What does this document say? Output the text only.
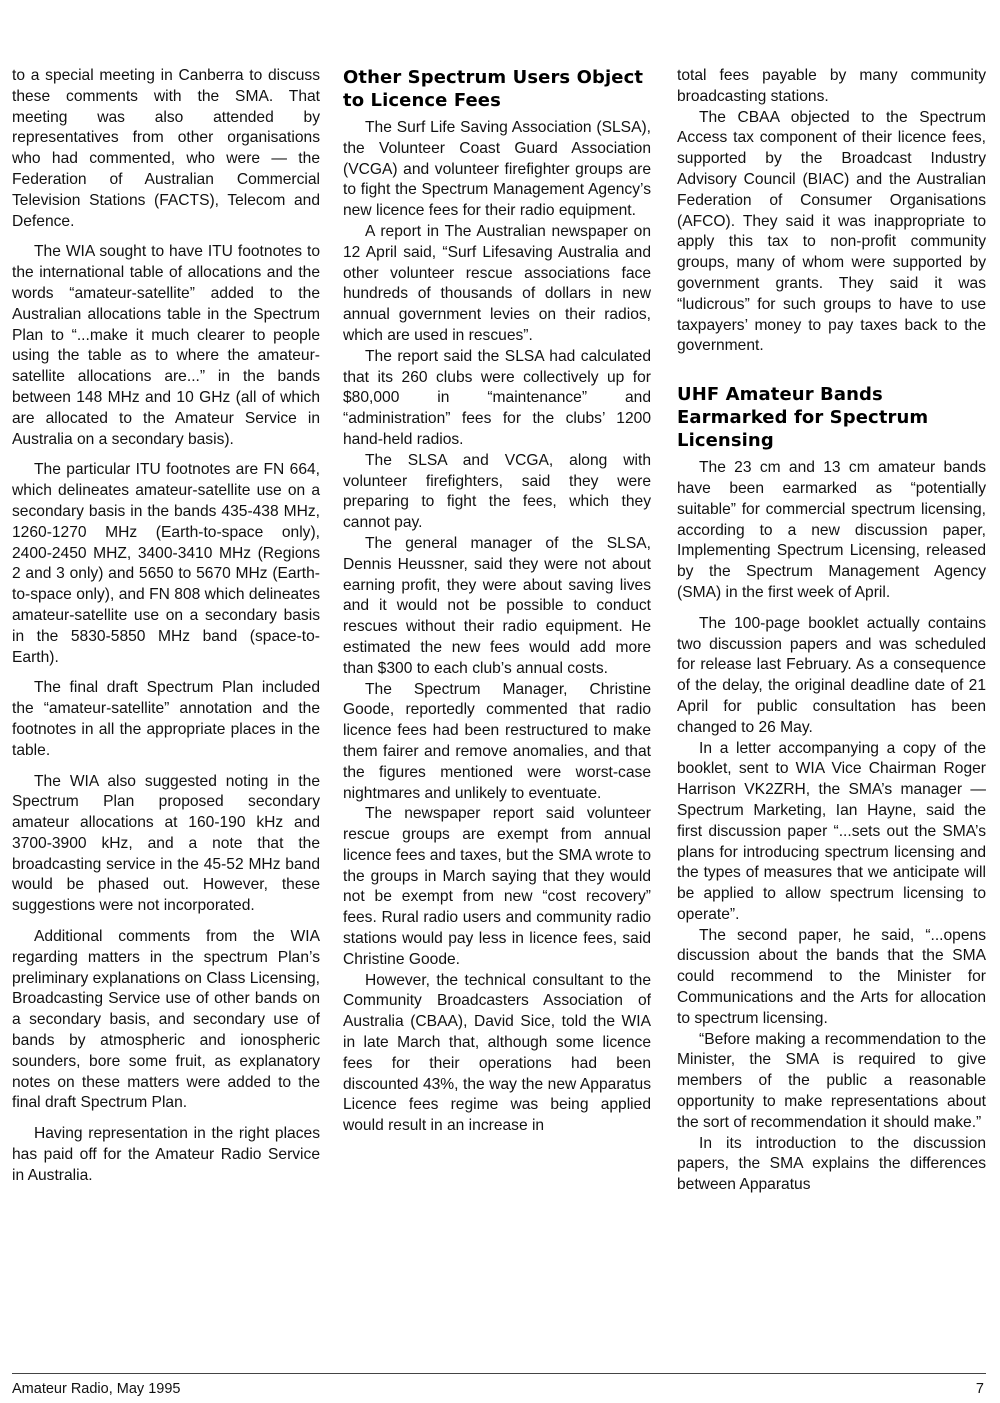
to a special meeting in Canberra to discuss these comments with the SMA. That meeting was also attended by representatives from other organisations who had commented, who were — the Federation of Australian Commercial Television Stations (FACTS), Telecom and Defence.

The WIA sought to have ITU footnotes to the international table of allocations and the words “amateur-satellite” added to the Australian allocations table in the Spectrum Plan to “...make it much clearer to people using the table as to where the amateur-satellite allocations are...” in the bands between 148 MHz and 10 GHz (all of which are allocated to the Amateur Service in Australia on a secondary basis).

The particular ITU footnotes are FN 664, which delineates amateur-satellite use on a secondary basis in the bands 435-438 MHz, 1260-1270 MHz (Earth-to-space only), 2400-2450 MHZ, 3400-3410 MHz (Regions 2 and 3 only) and 5650 to 5670 MHz (Earth-to-space only), and FN 808 which delineates amateur-satellite use on a secondary basis in the 5830-5850 MHz band (space-to-Earth).

The final draft Spectrum Plan included the “amateur-satellite” annotation and the footnotes in all the appropriate places in the table.

The WIA also suggested noting in the Spectrum Plan proposed secondary amateur allocations at 160-190 kHz and 3700-3900 kHz, and a note that the broadcasting service in the 45-52 MHz band would be phased out. However, these suggestions were not incorporated.

Additional comments from the WIA regarding matters in the spectrum Plan’s preliminary explanations on Class Licensing, Broadcasting Service use of other bands on a secondary basis, and secondary use of bands by atmospheric and ionospheric sounders, bore some fruit, as explanatory notes on these matters were added to the final draft Spectrum Plan.

Having representation in the right places has paid off for the Amateur Radio Service in Australia.

Other Spectrum Users Object to Licence Fees

The Surf Life Saving Association (SLSA), the Volunteer Coast Guard Association (VCGA) and volunteer firefighter groups are to fight the Spectrum Management Agency’s new licence fees for their radio equipment.

A report in The Australian newspaper on 12 April said, “Surf Lifesaving Australia and other volunteer rescue associations face hundreds of thousands of dollars in new annual government levies on their radios, which are used in rescues”.

The report said the SLSA had calculated that its 260 clubs were collectively up for $80,000 in “maintenance” and “administration” fees for the clubs’ 1200 hand-held radios.

The SLSA and VCGA, along with volunteer firefighters, said they were preparing to fight the fees, which they cannot pay.

The general manager of the SLSA, Dennis Heussner, said they were not about earning profit, they were about saving lives and it would not be possible to conduct rescues without their radio equipment. He estimated the new fees would add more than $300 to each club’s annual costs.

The Spectrum Manager, Christine Goode, reportedly commented that radio licence fees had been restructured to make them fairer and remove anomalies, and that the figures mentioned were worst-case nightmares and unlikely to eventuate.

The newspaper report said volunteer rescue groups are exempt from annual licence fees and taxes, but the SMA wrote to the groups in March saying that they would not be exempt from new “cost recovery” fees. Rural radio users and community radio stations would pay less in licence fees, said Christine Goode.

However, the technical consultant to the Community Broadcasters Association of Australia (CBAA), David Sice, told the WIA in late March that, although some licence fees for their operations had been discounted 43%, the way the new Apparatus Licence fees regime was being applied would result in an increase in

total fees payable by many community broadcasting stations.

The CBAA objected to the Spectrum Access tax component of their licence fees, supported by the Broadcast Industry Advisory Council (BIAC) and the Australian Federation of Consumer Organisations (AFCO). They said it was inappropriate to apply this tax to non-profit community groups, many of whom were supported by government grants. They said it was “ludicrous” for such groups to have to use taxpayers’ money to pay taxes back to the government.

UHF Amateur Bands Earmarked for Spectrum Licensing

The 23 cm and 13 cm amateur bands have been earmarked as “potentially suitable” for commercial spectrum licensing, according to a new discussion paper, Implementing Spectrum Licensing, released by the Spectrum Management Agency (SMA) in the first week of April.

The 100-page booklet actually contains two discussion papers and was scheduled for release last February. As a consequence of the delay, the original deadline date of 21 April for public consultation has been changed to 26 May.

In a letter accompanying a copy of the booklet, sent to WIA Vice Chairman Roger Harrison VK2ZRH, the SMA’s manager — Spectrum Marketing, Ian Hayne, said the first discussion paper “...sets out the SMA’s plans for introducing spectrum licensing and the types of measures that we anticipate will be applied to allow spectrum licensing to operate”.

The second paper, he said, “...opens discussion about the bands that the SMA could recommend to the Minister for Communications and the Arts for allocation to spectrum licensing.

“Before making a recommendation to the Minister, the SMA is required to give members of the public a reasonable opportunity to make representations about the sort of recommendation it should make.”

In its introduction to the discussion papers, the SMA explains the differences between Apparatus

Amateur Radio, May 1995	7
